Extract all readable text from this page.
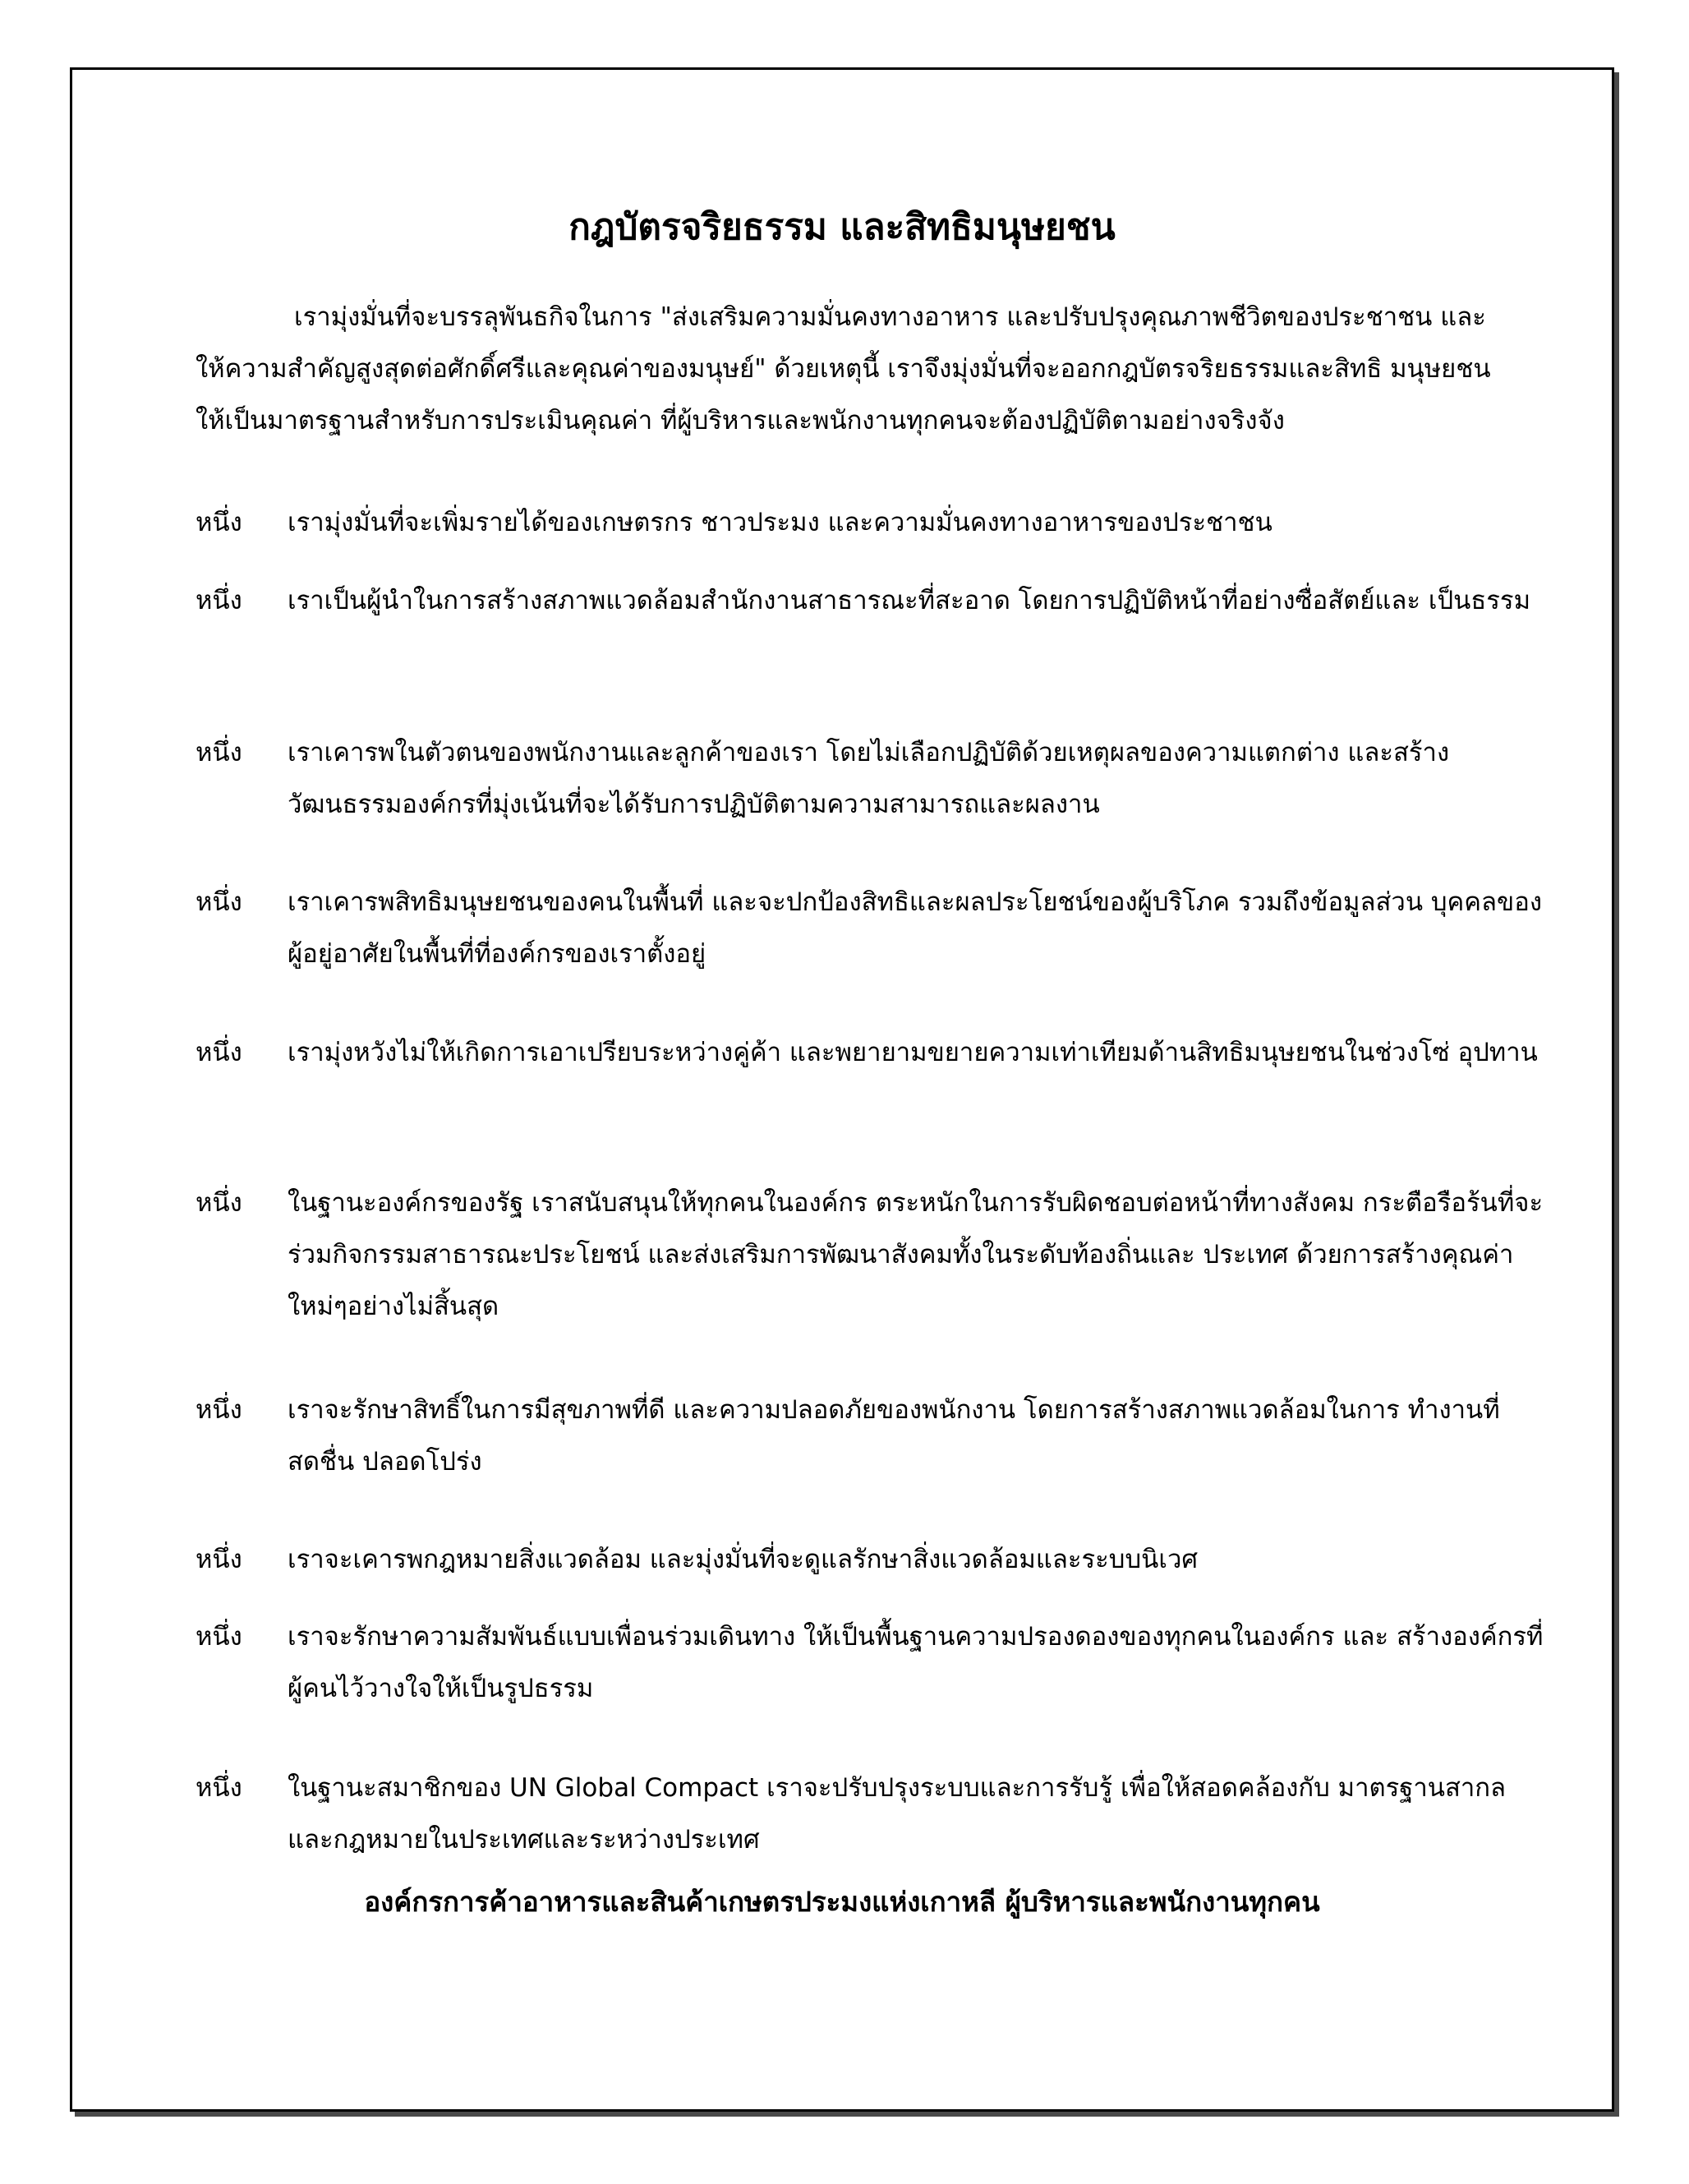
กฎบัตรจริยธรรม และสิทธิมนุษยชน

เรามุ่งมั่นที่จะบรรลุพันธกิจในการ "ส่งเสริมความมั่นคงทางอาหาร และปรับปรุงคุณภาพชีวิตของประชาชน และให้ความสำคัญสูงสุดต่อศักดิ์ศรีและคุณค่าของมนุษย์" ด้วยเหตุนี้ เราจึงมุ่งมั่นที่จะออกกฎบัตรจริยธรรมและสิทธิ มนุษยชน ให้เป็นมาตรฐานสำหรับการประเมินคุณค่า ที่ผู้บริหารและพนักงานทุกคนจะต้องปฏิบัติตามอย่างจริงจัง

หนึ่ง เรามุ่งมั่นที่จะเพิ่มรายได้ของเกษตรกร ชาวประมง และความมั่นคงทางอาหารของประชาชน

หนึ่ง เราเป็นผู้นำในการสร้างสภาพแวดล้อมสำนักงานสาธารณะที่สะอาด โดยการปฏิบัติหน้าที่อย่างซื่อสัตย์และ เป็นธรรม

หนึ่ง เราเคารพในตัวตนของพนักงานและลูกค้าของเรา โดยไม่เลือกปฏิบัติด้วยเหตุผลของความแตกต่าง และสร้าง วัฒนธรรมองค์กรที่มุ่งเน้นที่จะได้รับการปฏิบัติตามความสามารถและผลงาน

หนึ่ง เราเคารพสิทธิมนุษยชนของคนในพื้นที่ และจะปกป้องสิทธิและผลประโยชน์ของผู้บริโภค รวมถึงข้อมูลส่วน บุคคลของผู้อยู่อาศัยในพื้นที่ที่องค์กรของเราตั้งอยู่

หนึ่ง เรามุ่งหวังไม่ให้เกิดการเอาเปรียบระหว่างคู่ค้า และพยายามขยายความเท่าเทียมด้านสิทธิมนุษยชนในช่วงโซ่ อุปทาน

หนึ่ง ในฐานะองค์กรของรัฐ เราสนับสนุนให้ทุกคนในองค์กร ตระหนักในการรับผิดชอบต่อหน้าที่ทางสังคม กระตือรือร้นที่จะร่วมกิจกรรมสาธารณะประโยชน์ และส่งเสริมการพัฒนาสังคมทั้งในระดับท้องถิ่นและ ประเทศ ด้วยการสร้างคุณค่าใหม่ๆอย่างไม่สิ้นสุด

หนึ่ง เราจะรักษาสิทธิ์ในการมีสุขภาพที่ดี และความปลอดภัยของพนักงาน โดยการสร้างสภาพแวดล้อมในการ ทำงานที่สดชื่น ปลอดโปร่ง

หนึ่ง เราจะเคารพกฎหมายสิ่งแวดล้อม และมุ่งมั่นที่จะดูแลรักษาสิ่งแวดล้อมและระบบนิเวศ

หนึ่ง เราจะรักษาความสัมพันธ์แบบเพื่อนร่วมเดินทาง ให้เป็นพื้นฐานความปรองดองของทุกคนในองค์กร และ สร้างองค์กรที่ผู้คนไว้วางใจให้เป็นรูปธรรม

หนึ่ง ในฐานะสมาชิกของ UN Global Compact เราจะปรับปรุงระบบและการรับรู้ เพื่อให้สอดคล้องกับ มาตรฐานสากล และกฎหมายในประเทศและระหว่างประเทศ

องค์กรการค้าอาหารและสินค้าเกษตรประมงแห่งเกาหลี ผู้บริหารและพนักงานทุกคน
